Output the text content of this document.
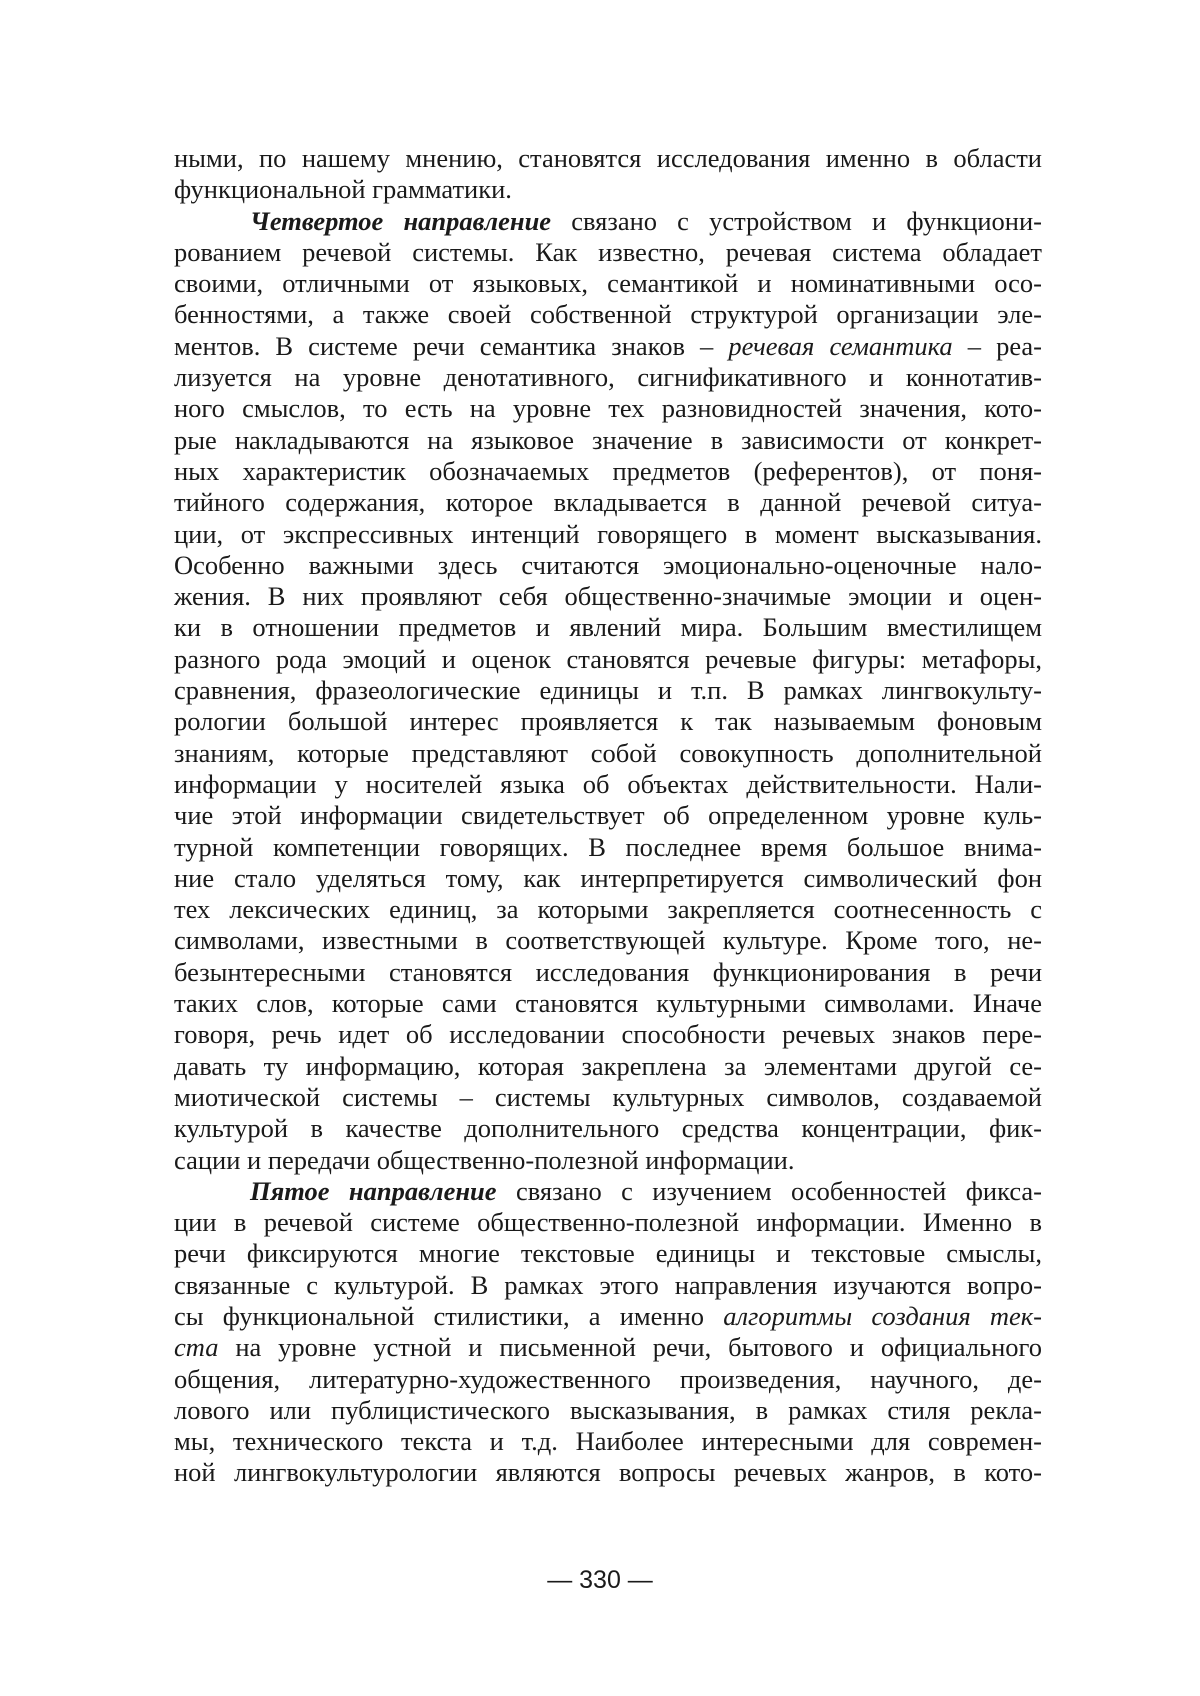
ными, по нашему мнению, становятся исследования именно в области
функциональной грамматики.
Четвертое направление связано с устройством и функциони-
рованием речевой системы. Как известно, речевая система обладает
своими, отличными от языковых, семантикой и номинативными осо-
бенностями, а также своей собственной структурой организации эле-
ментов. В системе речи семантика знаков – речевая семантика – реа-
лизуется на уровне денотативного, сигнификативного и коннотатив-
ного смыслов, то есть на уровне тех разновидностей значения, кото-
рые накладываются на языковое значение в зависимости от конкрет-
ных характеристик обозначаемых предметов (референтов), от поня-
тийного содержания, которое вкладывается в данной речевой ситуа-
ции, от экспрессивных интенций говорящего в момент высказывания.
Особенно важными здесь считаются эмоционально-оценочные нало-
жения. В них проявляют себя общественно-значимые эмоции и оцен-
ки в отношении предметов и явлений мира. Большим вместилищем
разного рода эмоций и оценок становятся речевые фигуры: метафоры,
сравнения, фразеологические единицы и т.п. В рамках лингвокульту-
рологии большой интерес проявляется к так называемым фоновым
знаниям, которые представляют собой совокупность дополнительной
информации у носителей языка об объектах действительности. Нали-
чие этой информации свидетельствует об определенном уровне куль-
турной компетенции говорящих. В последнее время большое внима-
ние стало уделяться тому, как интерпретируется символический фон
тех лексических единиц, за которыми закрепляется соотнесенность с
символами, известными в соответствующей культуре. Кроме того, не-
безынтересными становятся исследования функционирования в речи
таких слов, которые сами становятся культурными символами. Иначе
говоря, речь идет об исследовании способности речевых знаков пере-
давать ту информацию, которая закреплена за элементами другой се-
миотической системы – системы культурных символов, создаваемой
культурой в качестве дополнительного средства концентрации, фик-
сации и передачи общественно-полезной информации.
Пятое направление связано с изучением особенностей фикса-
ции в речевой системе общественно-полезной информации. Именно в
речи фиксируются многие текстовые единицы и текстовые смыслы,
связанные с культурой. В рамках этого направления изучаются вопро-
сы функциональной стилистики, а именно алгоритмы создания тек-
ста на уровне устной и письменной речи, бытового и официального
общения, литературно-художественного произведения, научного, де-
лового или публицистического высказывания, в рамках стиля рекла-
мы, технического текста и т.д. Наиболее интересными для современ-
ной лингвокультурологии являются вопросы речевых жанров, в кото-
— 330 —
